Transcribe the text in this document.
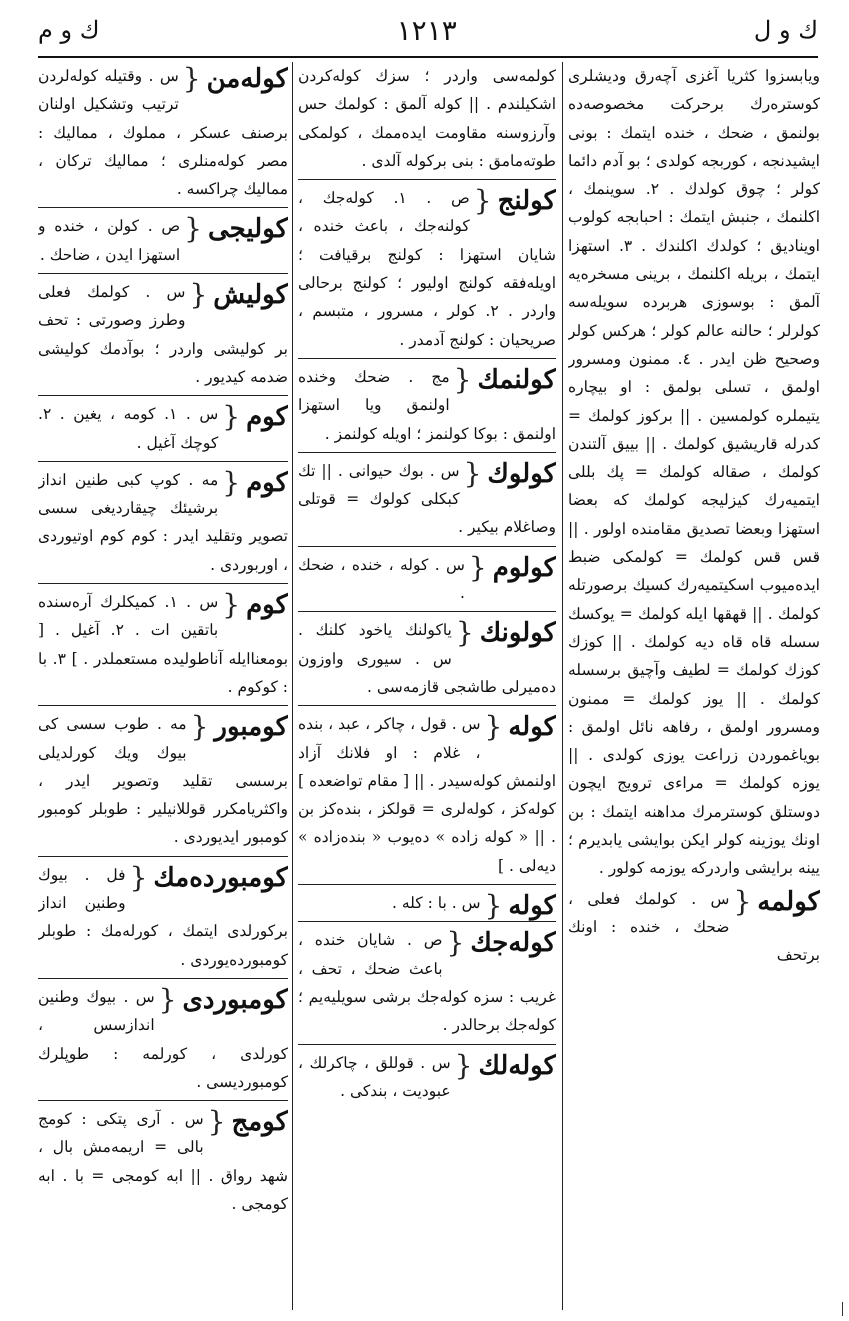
ك و ل
١٢١٣
ك و م
ويابسزوا كثريا آغزى آچه‌رق وديشلرى كوستره‌رك برحركت مخصوصه‌ده بولنمق ، ضحك ، خنده ايتمك : بونى ايشيدنجه ، كوربجه كولدى ؛ بو آدم دائما كولر ؛ چوق كولدك . ٢. سوينمك ، اكلنمك ، جنبش ايتمك : احبابجه كولوب اويناديق ؛ كولدك اكلندك . ٣. استهزا ايتمك ، بريله اكلنمك ، برينى مسخره‌يه آلمق : بوسوزى هربرده سويله‌سه كولرلر ؛ حالنه عالم كولر ؛ هركس كولر وصحيح ظن ايدر . ٤. ممنون ومسرور اولمق ، تسلى بولمق : او بيچاره يتيملره كولمسين . || بركوز كولمك = كدرله قاريشيق كولمك . || بييق آلتندن كولمك ، صقاله كولمك = پك بللى ايتميه‌رك كيزليجه كولمك كه بعضا استهزا وبعضا تصديق مقامنده اولور . || قس قس كولمك = كولمكى ضبط ايده‌ميوب اسكيتميه‌رك كسيك برصورتله كولمك . || قهقها ايله كولمك = يوكسك سسله قاه قاه ديه كولمك . || كوزك كوزك كولمك = لطيف وآچيق برسسله كولمك . || يوز كولمك = ممنون ومسرور اولمق ، رفاهه نائل اولمق : بوياغموردن زراعت يوزى كولدى . || يوزه كولمك = مراءى ترويج ايچون دوستلق كوسترمرك مداهنه ايتمك : بن اونك يوزينه كولر ايكن بوايشى يابديرم ؛ يينه برايشى واردركه يوزمه كولور .
كولمه
{
س . كولمك فعلى ، ضحك ، خنده : اونك برتحف
كولمه‌سى واردر ؛ سزك كوله‌كردن اشكيلندم . || كوله آلمق : كولمك حس وآرزوسنه مقاومت ايده‌ممك ، كولمكى طوته‌مامق : بنى بركوله آلدى .
كولنج
{
ص . ١. كوله‌جك ، كولنه‌جك ، باعث خنده ، شايان استهزا : كولنج برقيافت ؛ اويله‌فقه كولنج اوليور ؛ كولنج برحالى واردر . ٢. كولر ، مسرور ، متبسم ، صريحيان : كولنج آدمدر .
كولنمك
{
مج . ضحك وخنده اولنمق ويا استهزا اولنمق : بوكا كولنمز ؛ اويله كولنمز .
كولوك
{
س . بوك حيوانى . || تك كبكلى كولوك = قوتلى وصاغلام بيكير .
كولوم
{
س . كوله ، خنده ، ضحك .
كولونك
{
ياكولنك ياخود كلنك . س . سيورى واوزون ده‌ميرلى طاشجى قازمه‌سى .
كوله
{
س . قول ، چاكر ، عبد ، بنده ، غلام : او فلانك آزاد اولنمش كوله‌سيدر . || [ مقام تواضعده ] كوله‌كز ، كوله‌لرى = قولكز ، بنده‌كز بن . || « كوله زاده » ده‌يوب « بنده‌زاده » ديه‌لى . ]
كوله
{
س . با : كله .
كوله‌جك
{
ص . شايان خنده ، باعث ضحك ، تحف ، غريب : سزه كوله‌جك برشى سويليه‌يم ؛ كوله‌جك برحالدر .
كوله‌لك
{
س . قوللق ، چاكرلك ، عبوديت ، بندكى .
كوله‌من
{
س . وقتيله كوله‌لردن ترتيب وتشكيل اولنان برصنف عسكر ، مملوك ، مماليك : مصر كوله‌منلرى ؛ مماليك تركان ، مماليك چراكسه .
كوليجى
{
ص . كولن ، خنده و استهزا ايدن ، ضاحك .
كوليش
{
س . كولمك فعلى وطرز وصورتى : تحف بر كوليشى واردر ؛ بوآدمك كوليشى ضدمه كيديور .
كوم
{
س . ١. كومه ، يغين . ٢. كوچك آغيل .
كوم
{
مه . كوپ كبى طنين انداز برشيئك چيقارديغى سسى تصوير وتقليد ايدر : كوم كوم اوتيوردى ، اوربوردى .
كوم
{
س . ١. كميكلرك آره‌سنده باتقين ات . ٢. آغيل . [ بومعناايله آناطوليده مستعملدر . ] ٣. با : كوكوم .
كومبور
{
مه . طوب سسى كى بيوك ويك كورلديلى برسسى تقليد وتصوير ايدر ، واكثريامكرر قوللانيلير : طوبلر كومبور كومبور ايديوردى .
كومبورده‌مك
{
فل . بيوك وطنين انداز بركورلدى ايتمك ، كورله‌مك : طوبلر كومبورده‌يوردى .
كومبوردى
{
س . بيوك وطنين اندازسس ، كورلدى ، كورلمه : طوپلرك كومبورديسى .
كومج
{
س . آرى پتكى : كومج بالى = اريمه‌مش بال ، شهد رواق . || ابه كومجى = با . ابه كومجى .
